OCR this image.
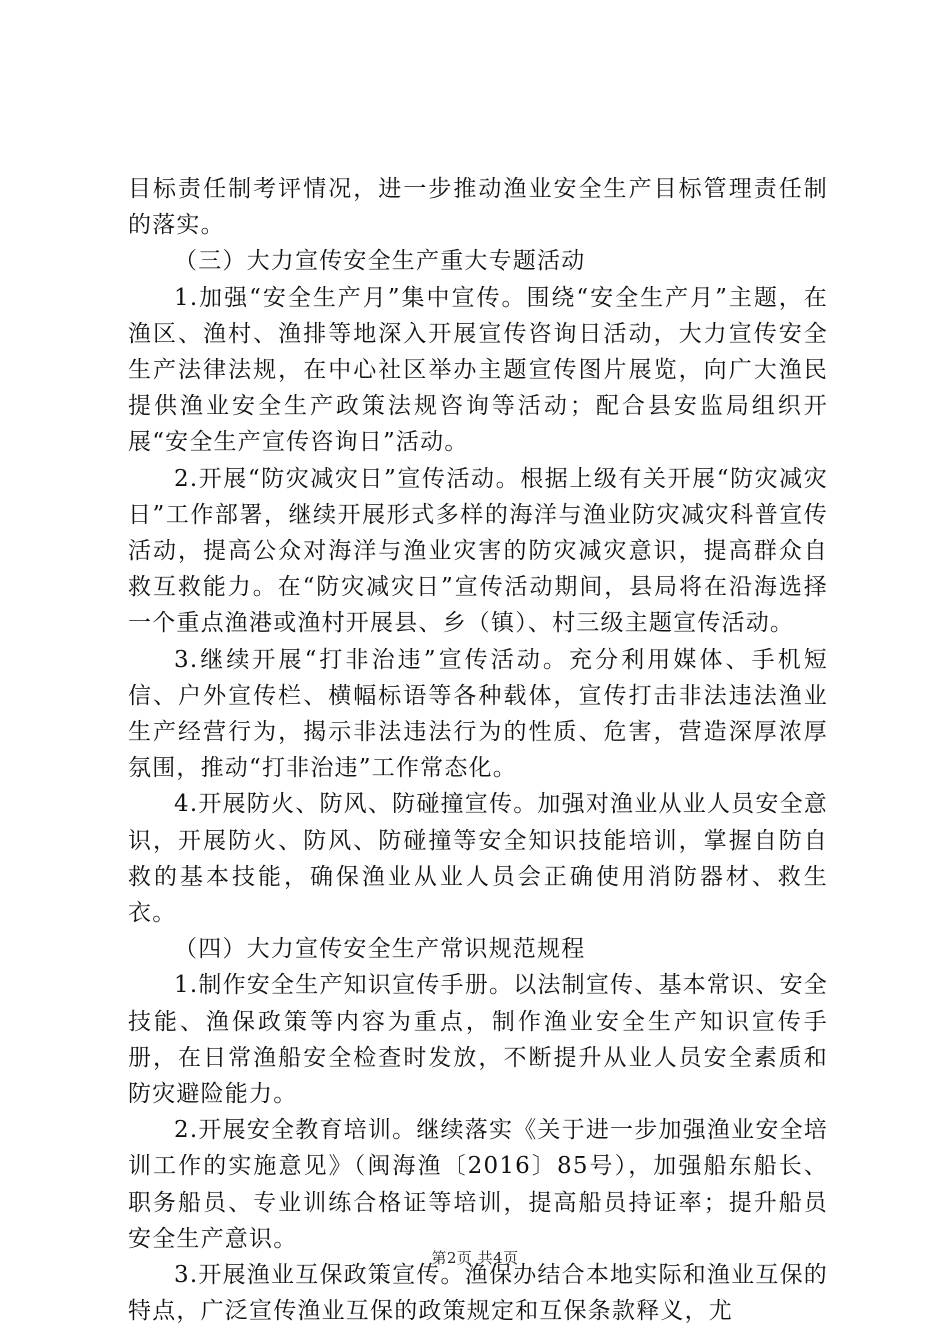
目标责任制考评情况，进一步推动渔业安全生产目标管理责任制的落实。

（三）大力宣传安全生产重大专题活动

1.加强“安全生产月”集中宣传。围绕“安全生产月”主题，在渔区、渔村、渔排等地深入开展宣传咨询日活动，大力宣传安全生产法律法规，在中心社区举办主题宣传图片展览，向广大渔民提供渔业安全生产政策法规咨询等活动；配合县安监局组织开展“安全生产宣传咨询日”活动。

2.开展“防灾减灾日”宣传活动。根据上级有关开展“防灾减灾日”工作部署，继续开展形式多样的海洋与渔业防灾减灾科普宣传活动，提高公众对海洋与渔业灾害的防灾减灾意识，提高群众自救互救能力。在“防灾减灾日”宣传活动期间，县局将在沿海选择一个重点渔港或渔村开展县、乡（镇）、村三级主题宣传活动。

3.继续开展“打非治违”宣传活动。充分利用媒体、手机短信、户外宣传栏、横幅标语等各种载体，宣传打击非法违法渔业生产经营行为，揭示非法违法行为的性质、危害，营造深厚浓厚氛围，推动“打非治违”工作常态化。

4.开展防火、防风、防碰撞宣传。加强对渔业从业人员安全意识，开展防火、防风、防碰撞等安全知识技能培训，掌握自防自救的基本技能，确保渔业从业人员会正确使用消防器材、救生衣。

（四）大力宣传安全生产常识规范规程

1.制作安全生产知识宣传手册。以法制宣传、基本常识、安全技能、渔保政策等内容为重点，制作渔业安全生产知识宣传手册，在日常渔船安全检查时发放，不断提升从业人员安全素质和防灾避险能力。

2.开展安全教育培训。继续落实《关于进一步加强渔业安全培训工作的实施意见》（闽海渔〔2016〕85号），加强船东船长、职务船员、专业训练合格证等培训，提高船员持证率；提升船员安全生产意识。

3.开展渔业互保政策宣传。渔保办结合本地实际和渔业互保的特点，广泛宣传渔业互保的政策规定和互保条款释义，尤

第2页 共4页
